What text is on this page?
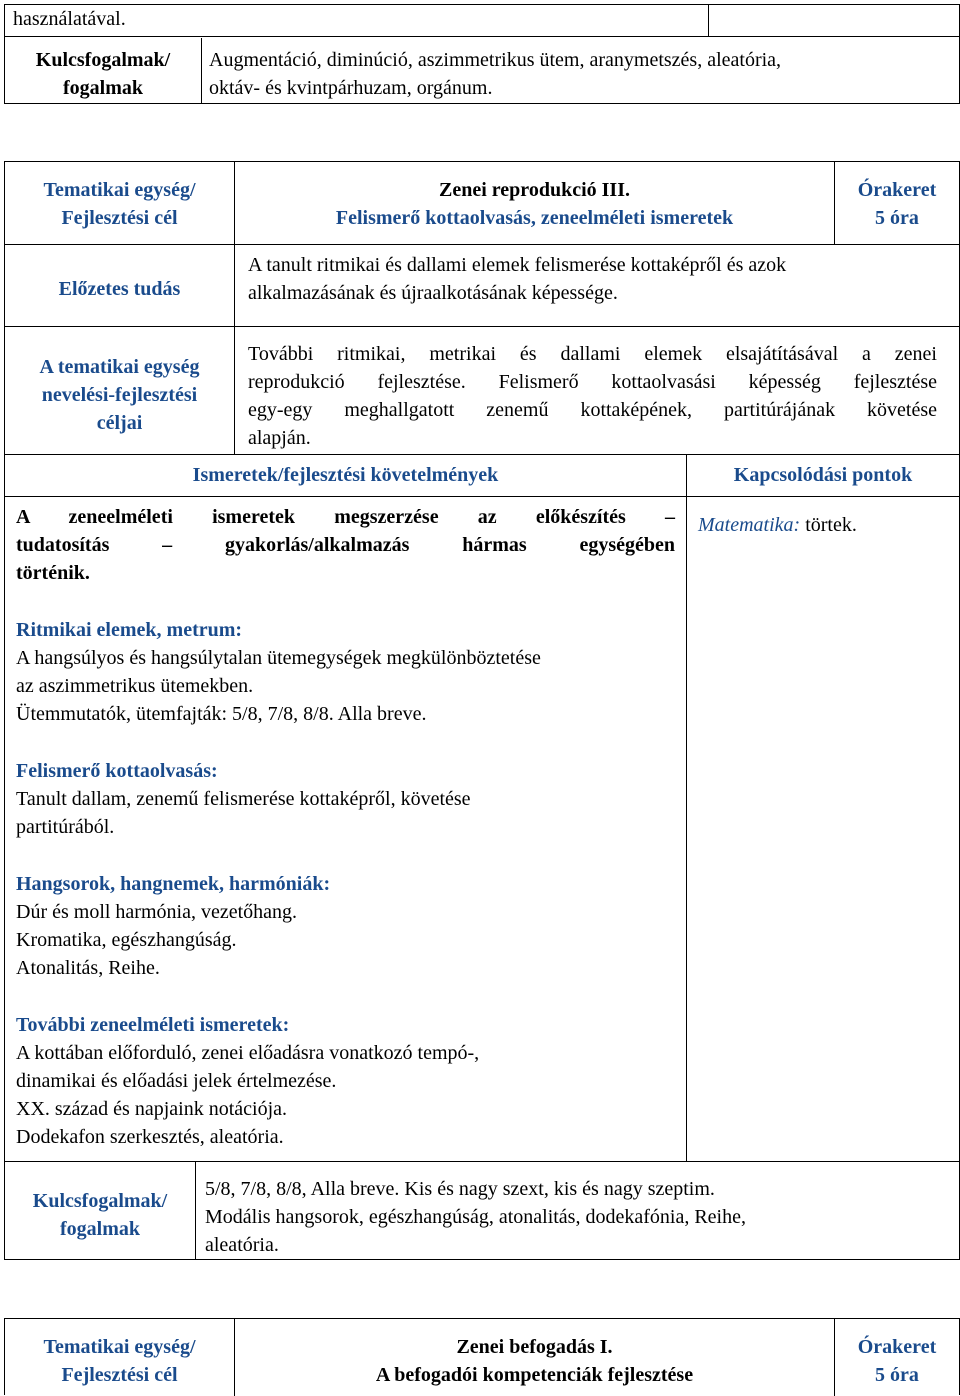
használatával.
Kulcsfogalmak/
fogalmak
Augmentáció, diminúció, aszimmetrikus ütem, aranymetszés, aleatória,
oktáv- és kvintpárhuzam, orgánum.
Tematikai egység/
Fejlesztési cél
Zenei reprodukció III.
Felismerő kottaolvasás, zeneelméleti ismeretek
Órakeret
5 óra
Előzetes tudás
A tanult ritmikai és dallami elemek felismerése kottaképről és azok
alkalmazásának és újraalkotásának képessége.
A tematikai egység
nevelési-fejlesztési
céljai
További ritmikai, metrikai és dallami elemek elsajátításával a zenei
reprodukció fejlesztése. Felismerő kottaolvasási képesség fejlesztése
egy-egy meghallgatott zenemű kottaképének, partitúrájának követése
alapján.
Ismeretek/fejlesztési követelmények	Kapcsolódási pontok
A zeneelméleti ismeretek megszerzése az előkészítés –
tudatosítás – gyakorlás/alkalmazás hármas egységében
történik.
Ritmikai elemek, metrum:
A hangsúlyos és hangsúlytalan ütemegységek megkülönböztetése
az aszimmetrikus ütemekben.
Ütemmutatók, ütemfajták: 5/8, 7/8, 8/8. Alla breve.
Felismerő kottaolvasás:
Tanult dallam, zenemű felismerése kottaképről, követése
partitúrából.
Hangsorok, hangnemek, harmóniák:
Dúr és moll harmónia, vezetőhang.
Kromatika, egészhangúság.
Atonalitás, Reihe.
További zeneelméleti ismeretek:
A kottában előforduló, zenei előadásra vonatkozó tempó-,
dinamikai és előadási jelek értelmezése.
XX. század és napjaink notációja.
Dodekafon szerkesztés, aleatória.
Matematika: törtek.
Kulcsfogalmak/
fogalmak
5/8, 7/8, 8/8, Alla breve. Kis és nagy szext, kis és nagy szeptim.
Modális hangsorok, egészhangúság, atonalitás, dodekafónia, Reihe,
aleatória.
Tematikai egység/
Fejlesztési cél
Zenei befogadás I.
A befogadói kompetenciák fejlesztése
Órakeret
5 óra
